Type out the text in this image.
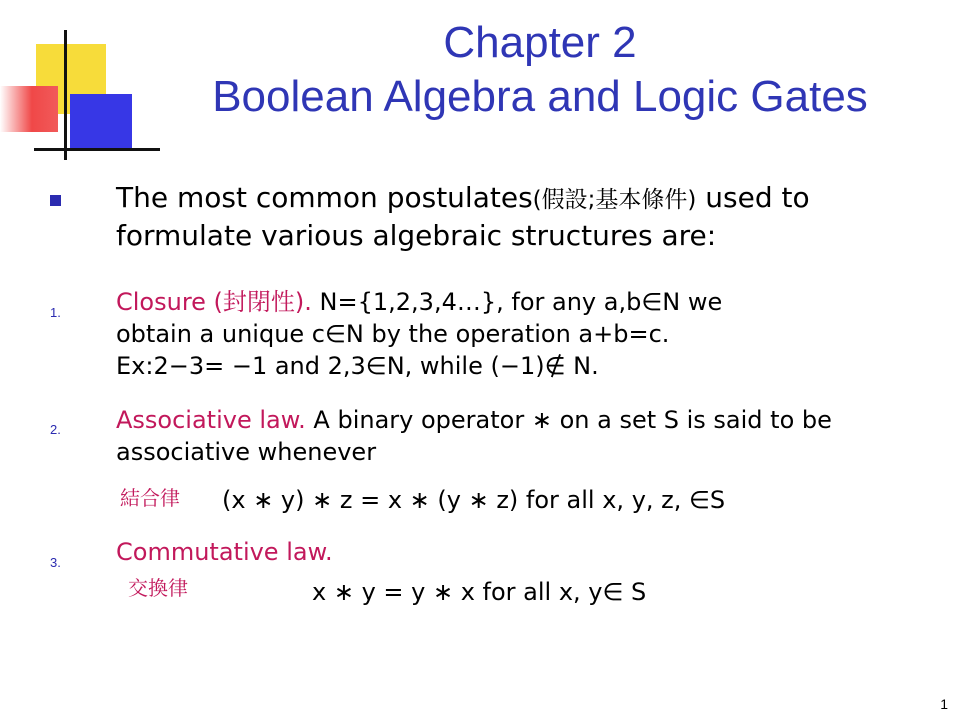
Chapter 2
Boolean Algebra and Logic Gates
The most common postulates(假設;基本條件) used to formulate various algebraic structures are:
1. Closure (封閉性). N={1,2,3,4…}, for any a,b∈N we
obtain a unique c∈N by the operation a+b=c.
Ex:2−3= −1 and 2,3∈N, while (−1)∉ N.
2. Associative law. A binary operator ∗ on a set S is said to be associative whenever
結合律 (x ∗ y) ∗ z = x ∗ (y ∗ z) for all x, y, z, ∈S
3. Commutative law.
交換律	x ∗ y = y ∗ x for all x, y∈ S
1
